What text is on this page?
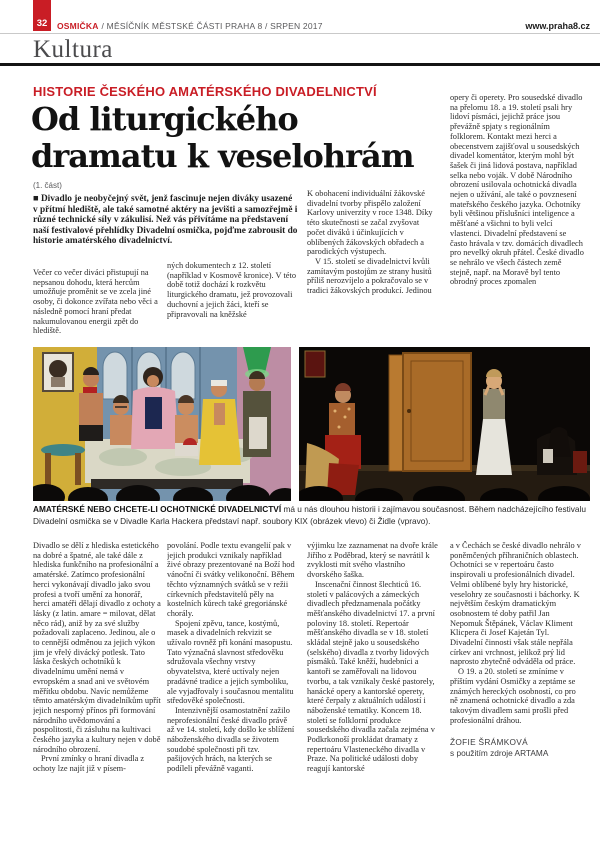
32 OSMIČKA / MĚSÍČNÍK MĚSTSKÉ ČÁSTI PRAHA 8 / SRPEN 2017	www.praha8.cz
Kultura
HISTORIE ČESKÉHO AMATÉRSKÉHO DIVADELNICTVÍ
Od liturgického
dramatu k veselohrám
(1. část)
■ Divadlo je neobyčejný svět, jenž fascinuje nejen diváky usazené v přítmí hlediště, ale také samotné aktéry na jevišti a samozřejmě i různé technické síly v zákulisí. Než vás přivítáme na představení naší festivalové přehlídky Divadelní osmička, pojďme zabrousit do historie amatérského divadelnictví.

Večer co večer diváci přistupují na nepsanou dohodu, která hercům umožňuje proměnit se ve zcela jiné osoby, či dokonce zvířata nebo věci a následně pomocí hraní předat nakumulovanou energii zpět do hlediště.

ných dokumentech z 12. století (například v Kosmově kronice). V této době totiž dochází k rozkvětu liturgického dramatu, jež provozovali duchovní a jejich žáci, kteří se připravovali na kněžské

K obohacení individuální žákovské divadelní tvorby přispělo založení Karlovy univerzity v roce 1348. Díky této skutečnosti se začal zvyšovat počet diváků i účinkujících v oblíbených žákovských obřadech a parodických výstupech.

V 15. století se divadelnictví kvůli zamítavým postojům ze strany husitů příliš nerozvíjelo a pokračovalo se v tradici žákovských produkcí. Jedinou

opery či operety. Pro sousedské divadlo na přelomu 18. a 19. století psali hry lidoví písmáci, jejichž práce jsou převážně spjaty s regionálním folklorem. Kontakt mezi herci a obecenstvem zajišťoval u sousedských divadel komentátor, kterým mohl být šašek či jiná lidová postava, například selka nebo voják. V době Národního obrození usilovala ochotnická divadla nejen o užívání, ale také o povznesení mateřského českého jazyka. Ochotníky byli většinou příslušníci inteligence a měšťané a všichni to byli velcí vlastenci. Divadelní představení se často hrávala v tzv. domácích divadlech pro nevelký okruh přátel. České divadlo se nehrálo ve všech částech země stejně, např. na Moravě byl tento obrodný proces zpomalen

AMATÉRSKÉ NEBO CHCETE-LI OCHOTNICKÉ DIVADELNICTVÍ má u nás dlouhou historii i zajímavou současnost. Během nadcházejícího festivalu Divadelní osmička se v Divadle Karla Hackera představí např. soubory KIX (obrázek vlevo) či Židle (vpravo).

Divadlo se dělí z hlediska estetického na dobré a špatné, ale také dále z hlediska funkčního na profesionální a amatérské. Zatímco profesionální herci vykonávají divadlo jako svou profesi a tvoří umění za honorář, herci amatéři dělají divadlo z ochoty a lásky (z latin. amare = milovat, dělat něco rád), aniž by za své služby požadovali zaplaceno. Jedinou, ale o to cennější odměnou za jejich výkon jim je vřelý divácký potlesk. Tato láska českých ochotníků k divadelnímu umění nemá v evropském a snad ani ve světovém měřítku obdobu. Navíc nemůžeme těmto amatérským divadelníkům upřít jejich nesporný přínos při formování národního uvědomování a pospolitosti, či zásluhu na kultivaci českého jazyka a kultury nejen v době národního obrození.

První zmínky o hraní divadla z ochoty lze najít již v písem-

povolání. Podle textu evangelií pak v jejich produkci vznikaly například živé obrazy prezentované na Boží hod vánoční či svátky velikonoční. Během těchto významných svátků se v režii církevních představitelů pěly na kostelních kůrech také gregoriánské chorály.

Spojení zpěvu, tance, kostýmů, masek a divadelních rekvizit se užívalo rovněž při konání masopustu. Tato význačná slavnost středověku sdružovala všechny vrstvy obyvatelstva, které uctívaly nejen pradávné tradice a jejich symboliku, ale vyjadřovaly i současnou mentalitu středověké společnosti.

Intenzivnější osamostatnění zažilo neprofesionální české divadlo právě až ve 14. století, kdy došlo ke sblížení náboženského divadla se životem soudobé společnosti při tzv. pašijových hrách, na kterých se podíleli převážně vaganti.

výjimku lze zaznamenat na dvoře krále Jiřího z Poděbrad, který se navrátil k zvyklosti mít svého vlastního dvorského šaška.

Inscenační činnost šlechticů 16. století v palácových a zámeckých divadlech předznamenala počátky měšťanského divadelnictví 17. a první poloviny 18. století. Repertoár měšťanského divadla se v 18. století skládal stejně jako u sousedského (selského) divadla z tvorby lidových písmáků. Také kněží, hudebníci a kantoři se zaměřovali na lidovou tvorbu, a tak vznikaly české pastorely, hanácké opery a kantorské operety, které čerpaly z aktuálních událostí i náboženské tematiky. Koncem 18. století se folklorní produkce sousedského divadla začala zejména v Podkrkonoší prokládat dramaty z repertoáru Vlasteneckého divadla v Praze. Na politické události doby reagují kantorské

a v Čechách se české divadlo nehrálo v poněmčených příhraničních oblastech. Ochotníci se v repertoáru často inspirovali u profesionálních divadel. Velmi oblíbené byly hry historické, veselohry ze současnosti i báchorky. K největším českým dramatickým osobnostem té doby patřil Jan Nepomuk Štěpánek, Václav Kliment Klicpera či Josef Kajetán Tyl. Divadelní činnosti však stále nepřála církev ani vrchnost, jelikož prý lid naprosto zbytečně odváděla od práce.

O 19. a 20. století se zmíníme v příštím vydání Osmičky a zeptáme se známých hereckých osobností, co pro ně znamená ochotnické divadlo a zda takovým divadlem sami prošli před profesionální dráhou.

ŽOFIE ŠRÁMKOVÁ
s použitím zdroje ARTAMA
